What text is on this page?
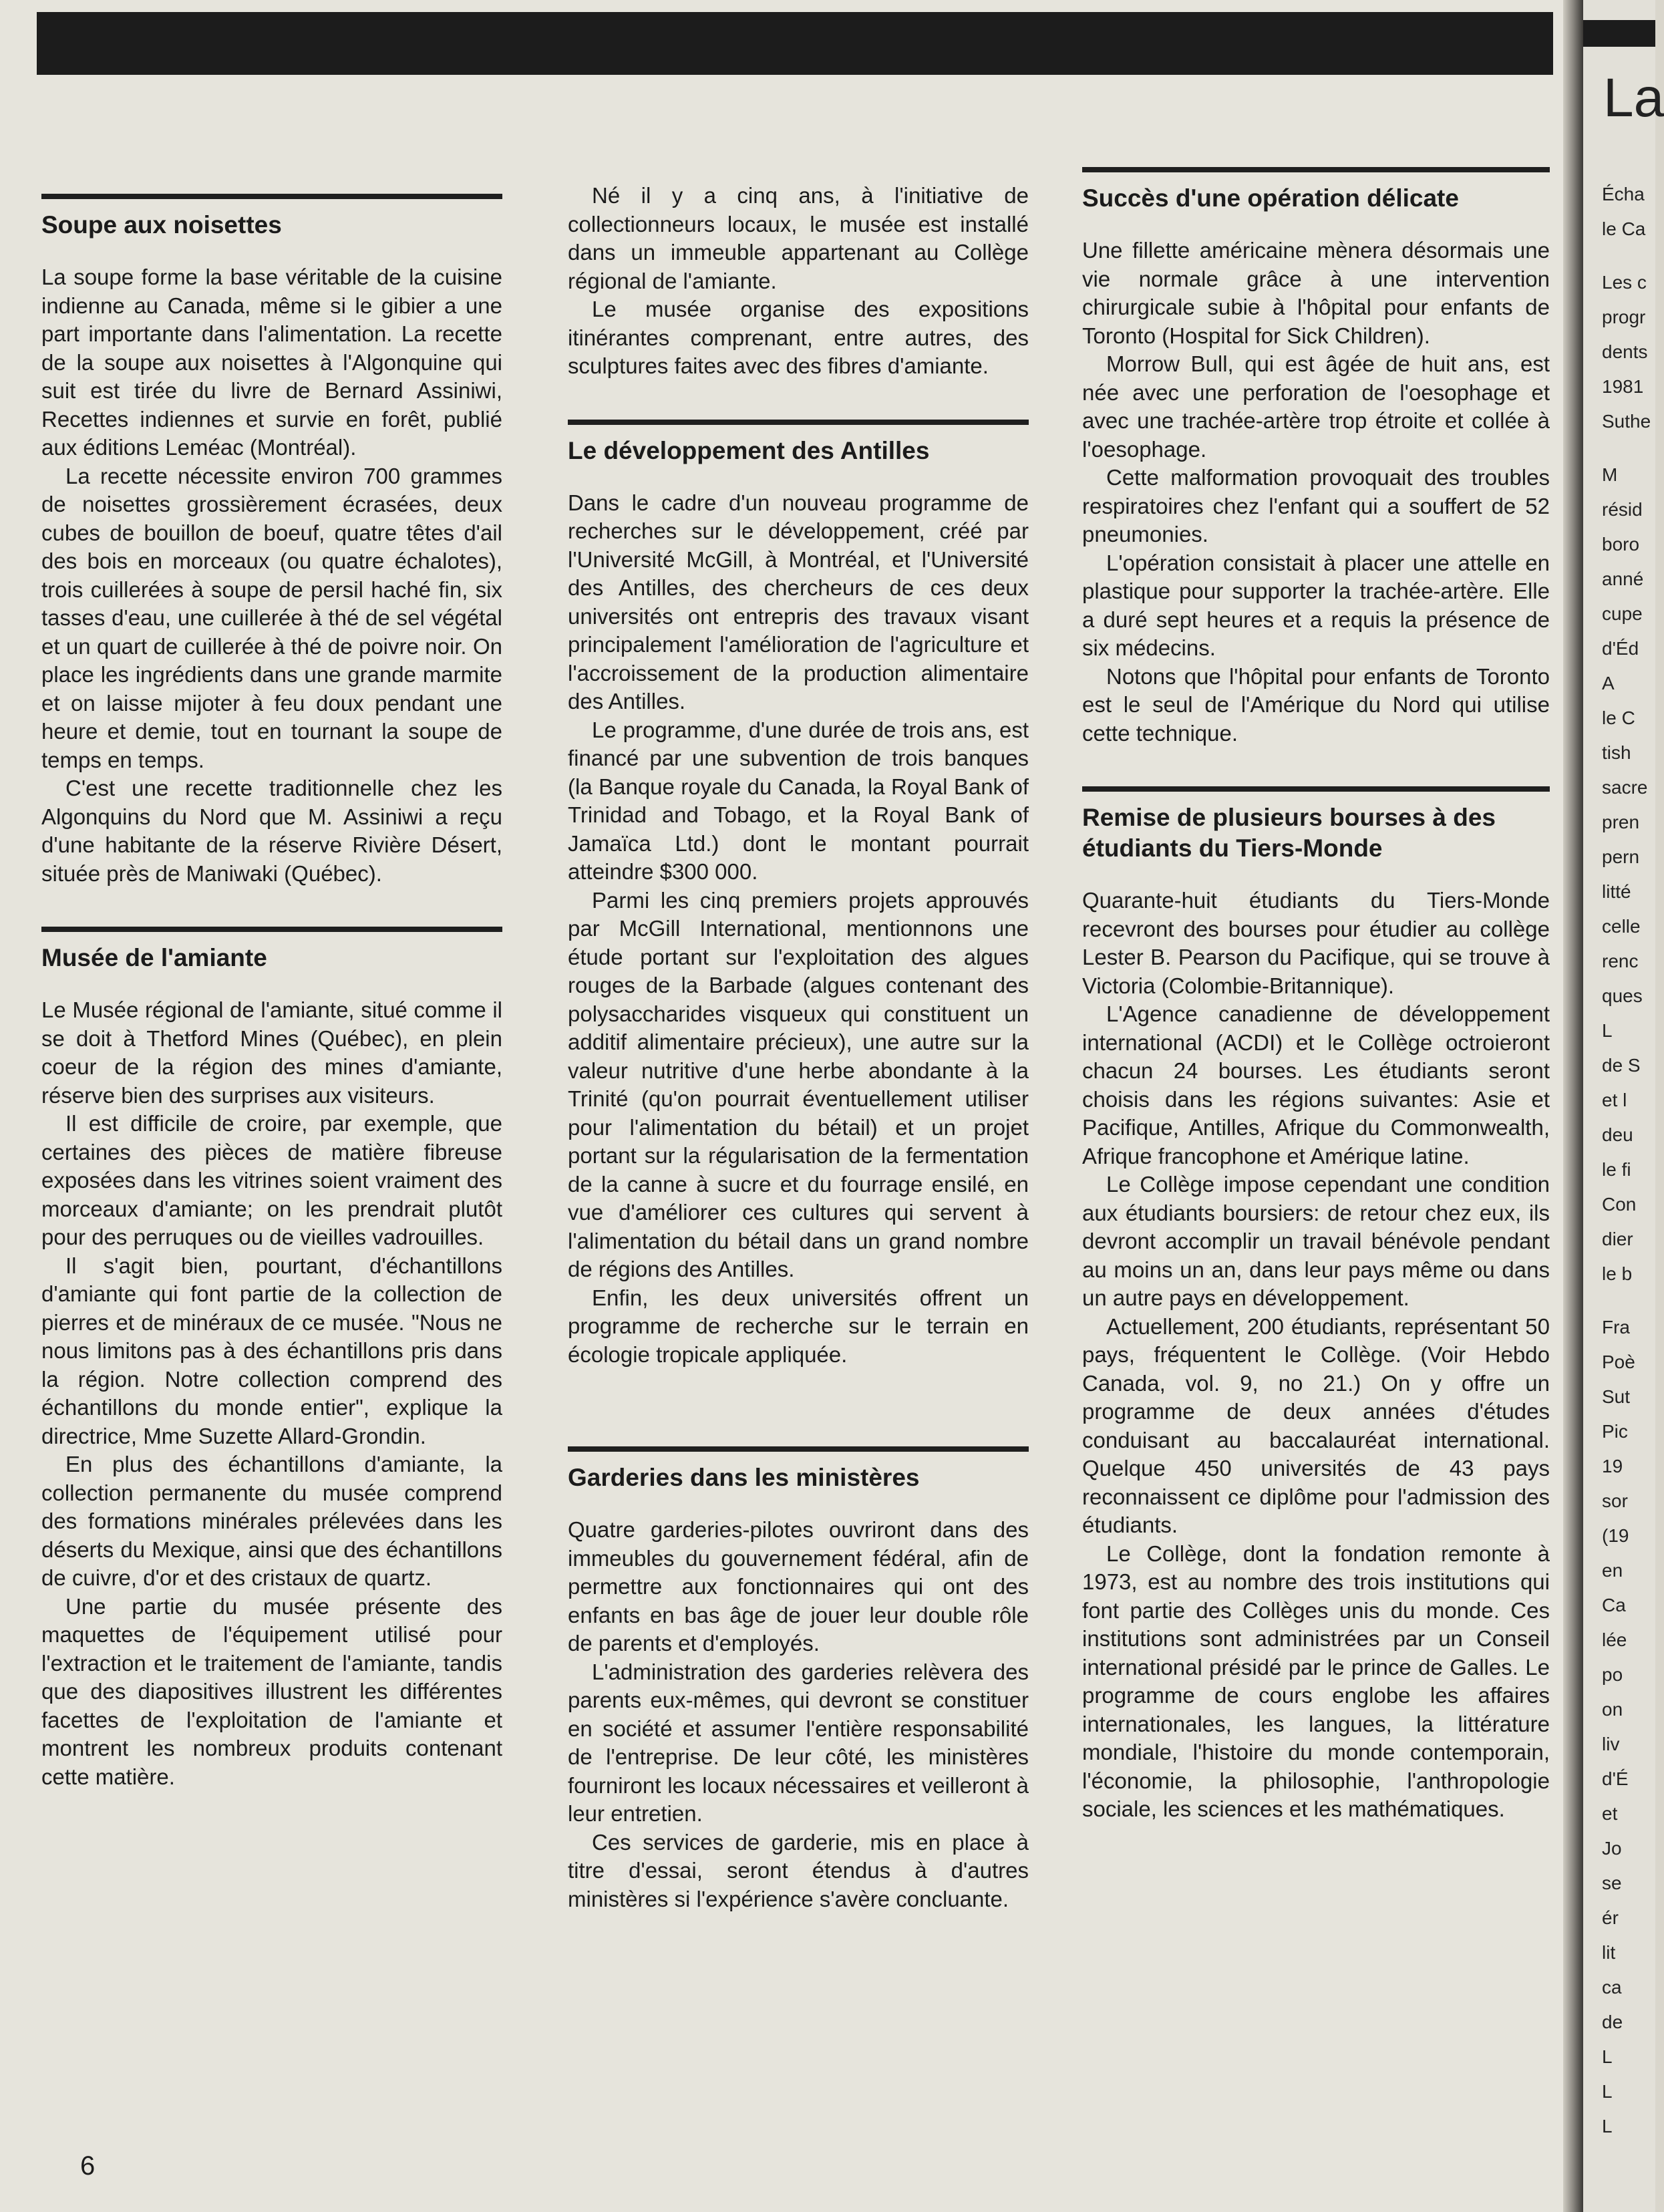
La
Écha
le Ca
Les c
progr
dents
1981
Suthe
M
résid
boro
anné
cupe
d'Éd
A
le C
tish
sacre
pren
pern
litté
celle
renc
ques
L
de S
et l
deu
le fi
Con
dier
le b
Fra
Poè
Sut
Pic
19
sor
(19
en
Ca
lée
po
on
liv
d'É
et
Jo
se
ér
lit
ca
de
L
L
L
Soupe aux noisettes

La soupe forme la base véritable de la cuisine indienne au Canada, même si le gibier a une part importante dans l'alimentation. La recette de la soupe aux noisettes à l'Algonquine qui suit est tirée du livre de Bernard Assiniwi, Recettes indiennes et survie en forêt, publié aux éditions Leméac (Montréal).

La recette nécessite environ 700 grammes de noisettes grossièrement écrasées, deux cubes de bouillon de boeuf, quatre têtes d'ail des bois en morceaux (ou quatre échalotes), trois cuillerées à soupe de persil haché fin, six tasses d'eau, une cuillerée à thé de sel végétal et un quart de cuillerée à thé de poivre noir. On place les ingrédients dans une grande marmite et on laisse mijoter à feu doux pendant une heure et demie, tout en tournant la soupe de temps en temps.

C'est une recette traditionnelle chez les Algonquins du Nord que M. Assiniwi a reçu d'une habitante de la réserve Rivière Désert, située près de Maniwaki (Québec).

Musée de l'amiante

Le Musée régional de l'amiante, situé comme il se doit à Thetford Mines (Québec), en plein coeur de la région des mines d'amiante, réserve bien des surprises aux visiteurs.

Il est difficile de croire, par exemple, que certaines des pièces de matière fibreuse exposées dans les vitrines soient vraiment des morceaux d'amiante; on les prendrait plutôt pour des perruques ou de vieilles vadrouilles.

Il s'agit bien, pourtant, d'échantillons d'amiante qui font partie de la collection de pierres et de minéraux de ce musée. "Nous ne nous limitons pas à des échantillons pris dans la région. Notre collection comprend des échantillons du monde entier", explique la directrice, Mme Suzette Allard-Grondin.

En plus des échantillons d'amiante, la collection permanente du musée comprend des formations minérales prélevées dans les déserts du Mexique, ainsi que des échantillons de cuivre, d'or et des cristaux de quartz.

Une partie du musée présente des maquettes de l'équipement utilisé pour l'extraction et le traitement de l'amiante, tandis que des diapositives illustrent les différentes facettes de l'exploitation de l'amiante et montrent les nombreux produits contenant cette matière.

Né il y a cinq ans, à l'initiative de collectionneurs locaux, le musée est installé dans un immeuble appartenant au Collège régional de l'amiante.

Le musée organise des expositions itinérantes comprenant, entre autres, des sculptures faites avec des fibres d'amiante.

Le développement des Antilles

Dans le cadre d'un nouveau programme de recherches sur le développement, créé par l'Université McGill, à Montréal, et l'Université des Antilles, des chercheurs de ces deux universités ont entrepris des travaux visant principalement l'amélioration de l'agriculture et l'accroissement de la production alimentaire des Antilles.

Le programme, d'une durée de trois ans, est financé par une subvention de trois banques (la Banque royale du Canada, la Royal Bank of Trinidad and Tobago, et la Royal Bank of Jamaïca Ltd.) dont le montant pourrait atteindre $300 000.

Parmi les cinq premiers projets approuvés par McGill International, mentionnons une étude portant sur l'exploitation des algues rouges de la Barbade (algues contenant des polysaccharides visqueux qui constituent un additif alimentaire précieux), une autre sur la valeur nutritive d'une herbe abondante à la Trinité (qu'on pourrait éventuellement utiliser pour l'alimentation du bétail) et un projet portant sur la régularisation de la fermentation de la canne à sucre et du fourrage ensilé, en vue d'améliorer ces cultures qui servent à l'alimentation du bétail dans un grand nombre de régions des Antilles.

Enfin, les deux universités offrent un programme de recherche sur le terrain en écologie tropicale appliquée.

Garderies dans les ministères

Quatre garderies-pilotes ouvriront dans des immeubles du gouvernement fédéral, afin de permettre aux fonctionnaires qui ont des enfants en bas âge de jouer leur double rôle de parents et d'employés.

L'administration des garderies relèvera des parents eux-mêmes, qui devront se constituer en société et assumer l'entière responsabilité de l'entreprise. De leur côté, les ministères fourniront les locaux nécessaires et veilleront à leur entretien.

Ces services de garderie, mis en place à titre d'essai, seront étendus à d'autres ministères si l'expérience s'avère concluante.

Succès d'une opération délicate

Une fillette américaine mènera désormais une vie normale grâce à une intervention chirurgicale subie à l'hôpital pour enfants de Toronto (Hospital for Sick Children).

Morrow Bull, qui est âgée de huit ans, est née avec une perforation de l'oesophage et avec une trachée-artère trop étroite et collée à l'oesophage.

Cette malformation provoquait des troubles respiratoires chez l'enfant qui a souffert de 52 pneumonies.

L'opération consistait à placer une attelle en plastique pour supporter la trachée-artère. Elle a duré sept heures et a requis la présence de six médecins.

Notons que l'hôpital pour enfants de Toronto est le seul de l'Amérique du Nord qui utilise cette technique.

Remise de plusieurs bourses à des étudiants du Tiers-Monde

Quarante-huit étudiants du Tiers-Monde recevront des bourses pour étudier au collège Lester B. Pearson du Pacifique, qui se trouve à Victoria (Colombie-Britannique).

L'Agence canadienne de développement international (ACDI) et le Collège octroieront chacun 24 bourses. Les étudiants seront choisis dans les régions suivantes: Asie et Pacifique, Antilles, Afrique du Commonwealth, Afrique francophone et Amérique latine.

Le Collège impose cependant une condition aux étudiants boursiers: de retour chez eux, ils devront accomplir un travail bénévole pendant au moins un an, dans leur pays même ou dans un autre pays en développement.

Actuellement, 200 étudiants, représentant 50 pays, fréquentent le Collège. (Voir Hebdo Canada, vol. 9, no 21.) On y offre un programme de deux années d'études conduisant au baccalauréat international. Quelque 450 universités de 43 pays reconnaissent ce diplôme pour l'admission des étudiants.

Le Collège, dont la fondation remonte à 1973, est au nombre des trois institutions qui font partie des Collèges unis du monde. Ces institutions sont administrées par un Conseil international présidé par le prince de Galles. Le programme de cours englobe les affaires internationales, les langues, la littérature mondiale, l'histoire du monde contemporain, l'économie, la philosophie, l'anthropologie sociale, les sciences et les mathématiques.

6
